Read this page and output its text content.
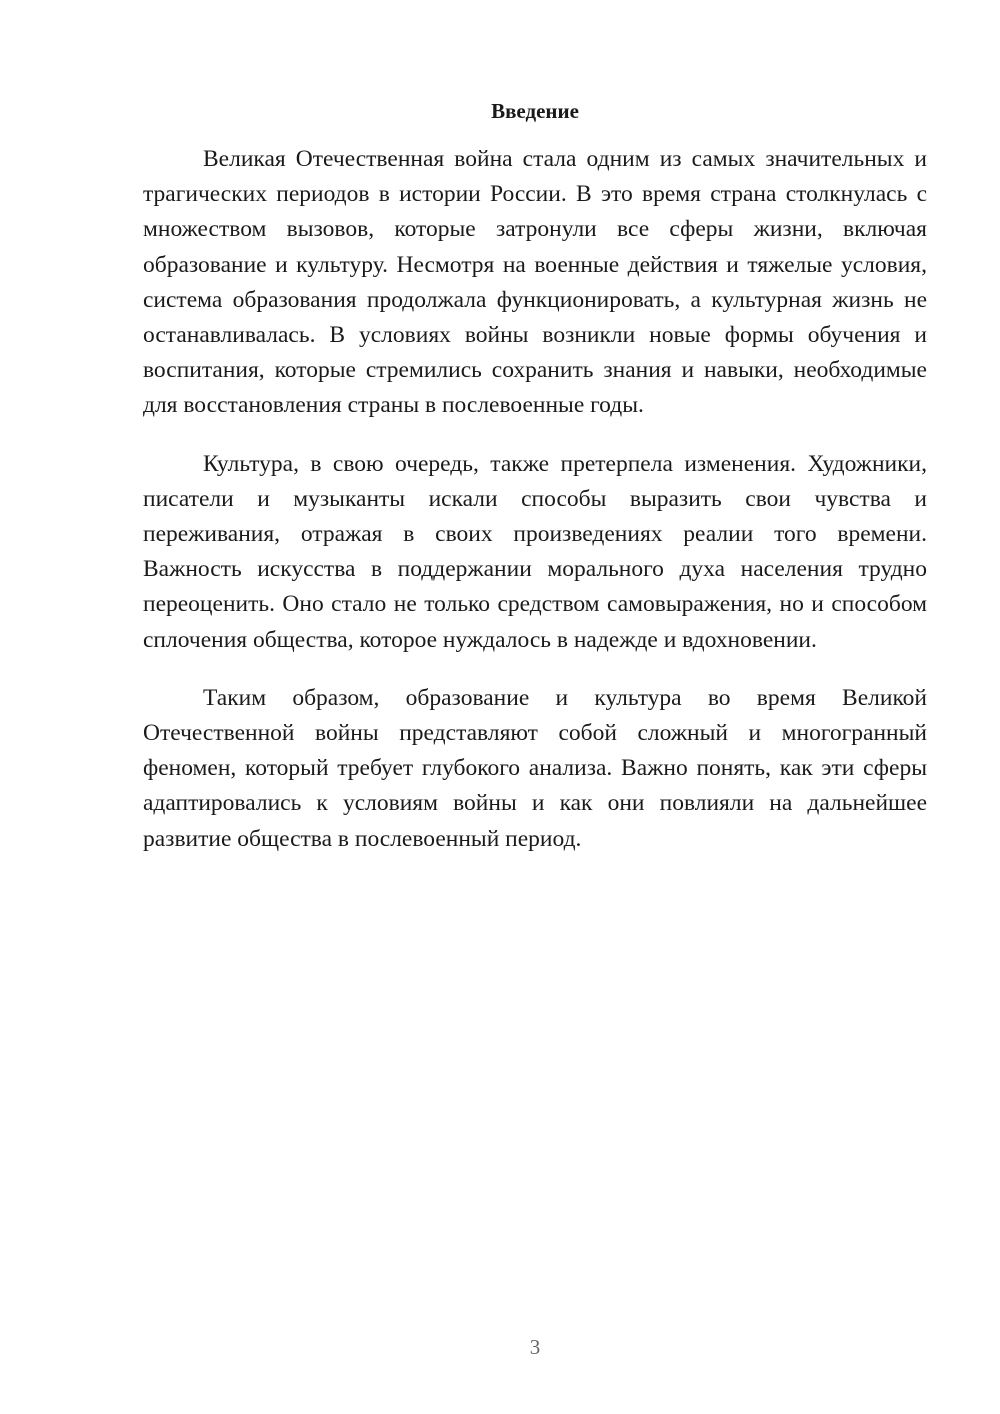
Введение

Великая Отечественная война стала одним из самых значительных и трагических периодов в истории России. В это время страна столкнулась с множеством вызовов, которые затронули все сферы жизни, включая образование и культуру. Несмотря на военные действия и тяжелые условия, система образования продолжала функционировать, а культурная жизнь не останавливалась. В условиях войны возникли новые формы обучения и воспитания, которые стремились сохранить знания и навыки, необходимые для восстановления страны в послевоенные годы.

Культура, в свою очередь, также претерпела изменения. Художники, писатели и музыканты искали способы выразить свои чувства и переживания, отражая в своих произведениях реалии того времени. Важность искусства в поддержании морального духа населения трудно переоценить. Оно стало не только средством самовыражения, но и способом сплочения общества, которое нуждалось в надежде и вдохновении.

Таким образом, образование и культура во время Великой Отечественной войны представляют собой сложный и многогранный феномен, который требует глубокого анализа. Важно понять, как эти сферы адаптировались к условиям войны и как они повлияли на дальнейшее развитие общества в послевоенный период.

3
